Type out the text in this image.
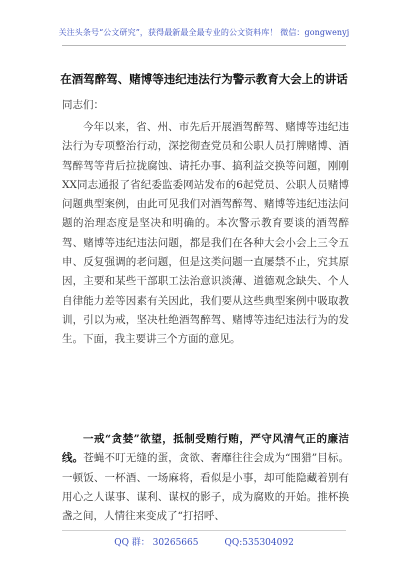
关注头条号“公文研究”，获得最新最全最专业的公文资料库！ 微信：gongwenyj
在酒驾醉驾、赌博等违纪违法行为警示教育大会上的讲话
同志们：

今年以来，省、州、市先后开展酒驾醉驾、赌博等违纪违法行为专项整治行动，深挖彻查党员和公职人员打牌赌博、酒驾醉驾等背后拉拢腐蚀、请托办事、搞利益交换等问题，刚刚XX同志通报了省纪委监委网站发布的6起党员、公职人员赌博问题典型案例，由此可见我们对酒驾醉驾、赌博等违纪违法问题的治理态度是坚决和明确的。本次警示教育要谈的酒驾醉驾、赌博等违纪违法问题，都是我们在各种大会小会上三令五申、反复强调的老问题，但是这类问题一直屡禁不止，究其原因，主要和某些干部职工法治意识淡薄、道德观念缺失、个人自律能力差等因素有关因此，我们要从这些典型案例中吸取教训，引以为戒，坚决杜绝酒驾醉驾、赌博等违纪违法行为的发生。下面，我主要讲三个方面的意见。

一戒“贪婪”欲望，抵制受贿行贿，严守风清气正的廉洁线。苍蝇不叮无缝的蛋，贪欲、奢靡往往会成为“围猎”目标。一顿饭、一杯酒、一场麻将，看似是小事，却可能隐藏着别有用心之人谋事、谋利、谋权的影子，成为腐败的开始。推杯换盏之间，人情往来变成了“打招呼、

QQ 群： 30265665	QQ:535304092
